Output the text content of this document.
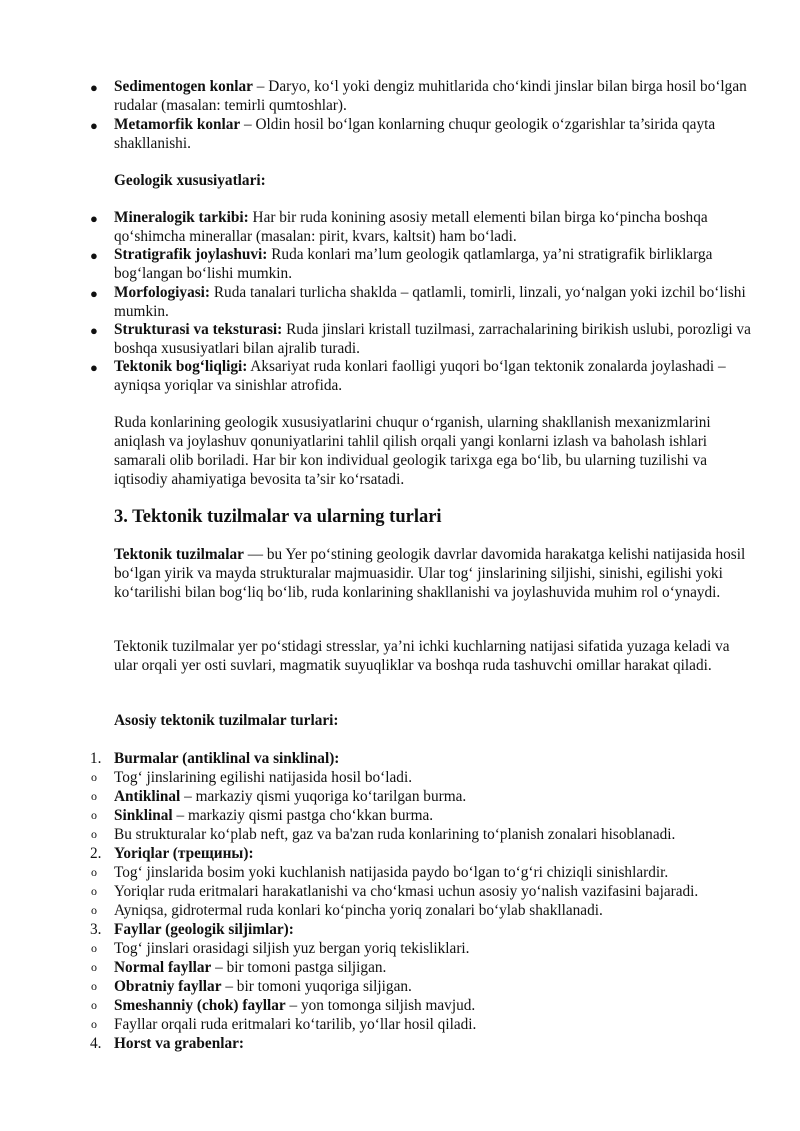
●	Sedimentogen konlar – Daryo, ko‘l yoki dengiz muhitlarida cho‘kindi jinslar bilan birga hosil bo‘lgan rudalar (masalan: temirli qumtoshlar).

●	Metamorfik konlar – Oldin hosil bo‘lgan konlarning chuqur geologik o‘zgarishlar ta’sirida qayta shakllanishi.

Geologik xususiyatlari:

●	Mineralogik tarkibi: Har bir ruda konining asosiy metall elementi bilan birga ko‘pincha boshqa qo‘shimcha minerallar (masalan: pirit, kvars, kaltsit) ham bo‘ladi.

●	Stratigrafik joylashuvi: Ruda konlari ma’lum geologik qatlamlarga, ya’ni stratigrafik birliklarga bog‘langan bo‘lishi mumkin.

●	Morfologiyasi: Ruda tanalari turlicha shaklda – qatlamli, tomirli, linzali, yo‘nalgan yoki izchil bo‘lishi mumkin.

●	Strukturasi va teksturasi: Ruda jinslari kristall tuzilmasi, zarrachalarining birikish uslubi, porozligi va boshqa xususiyatlari bilan ajralib turadi.

●	Tektonik bog‘liqligi: Aksariyat ruda konlari faolligi yuqori bo‘lgan tektonik zonalarda joylashadi – ayniqsa yoriqlar va sinishlar atrofida.

Ruda konlarining geologik xususiyatlarini chuqur o‘rganish, ularning shakllanish mexanizmlarini aniqlash va joylashuv qonuniyatlarini tahlil qilish orqali yangi konlarni izlash va baholash ishlari samarali olib boriladi. Har bir kon individual geologik tarixga ega bo‘lib, bu ularning tuzilishi va iqtisodiy ahamiyatiga bevosita ta’sir ko‘rsatadi.

3. Tektonik tuzilmalar va ularning turlari

Tektonik tuzilmalar — bu Yer po‘stining geologik davrlar davomida harakatga kelishi natijasida hosil bo‘lgan yirik va mayda strukturalar majmuasidir. Ular tog‘ jinslarining siljishi, sinishi, egilishi yoki ko‘tarilishi bilan bog‘liq bo‘lib, ruda konlarining shakllanishi va joylashuvida muhim rol o‘ynaydi.

Tektonik tuzilmalar yer po‘stidagi stresslar, ya’ni ichki kuchlarning natijasi sifatida yuzaga keladi va ular orqali yer osti suvlari, magmatik suyuqliklar va boshqa ruda tashuvchi omillar harakat qiladi.

Asosiy tektonik tuzilmalar turlari:

1. Burmalar (antiklinal va sinklinal):

o	Tog‘ jinslarining egilishi natijasida hosil bo‘ladi.

o	Antiklinal – markaziy qismi yuqoriga ko‘tarilgan burma.

o	Sinklinal – markaziy qismi pastga cho‘kkan burma.

o	Bu strukturalar ko‘plab neft, gaz va ba'zan ruda konlarining to‘planish zonalari hisoblanadi.

2. Yoriqlar (трещины):

o	Tog‘ jinslarida bosim yoki kuchlanish natijasida paydo bo‘lgan to‘g‘ri chiziqli sinishlardir.

o	Yoriqlar ruda eritmalari harakatlanishi va cho‘kmasi uchun asosiy yo‘nalish vazifasini bajaradi.

o	Ayniqsa, gidrotermal ruda konlari ko‘pincha yoriq zonalari bo‘ylab shakllanadi.

3. Fayllar (geologik siljimlar):

o	Tog‘ jinslari orasidagi siljish yuz bergan yoriq tekisliklari.

o	Normal fayllar – bir tomoni pastga siljigan.

o	Obratniy fayllar – bir tomoni yuqoriga siljigan.

o	Smeshanniy (chok) fayllar – yon tomonga siljish mavjud.

o	Fayllar orqali ruda eritmalari ko‘tarilib, yo‘llar hosil qiladi.

4. Horst va grabenlar:
